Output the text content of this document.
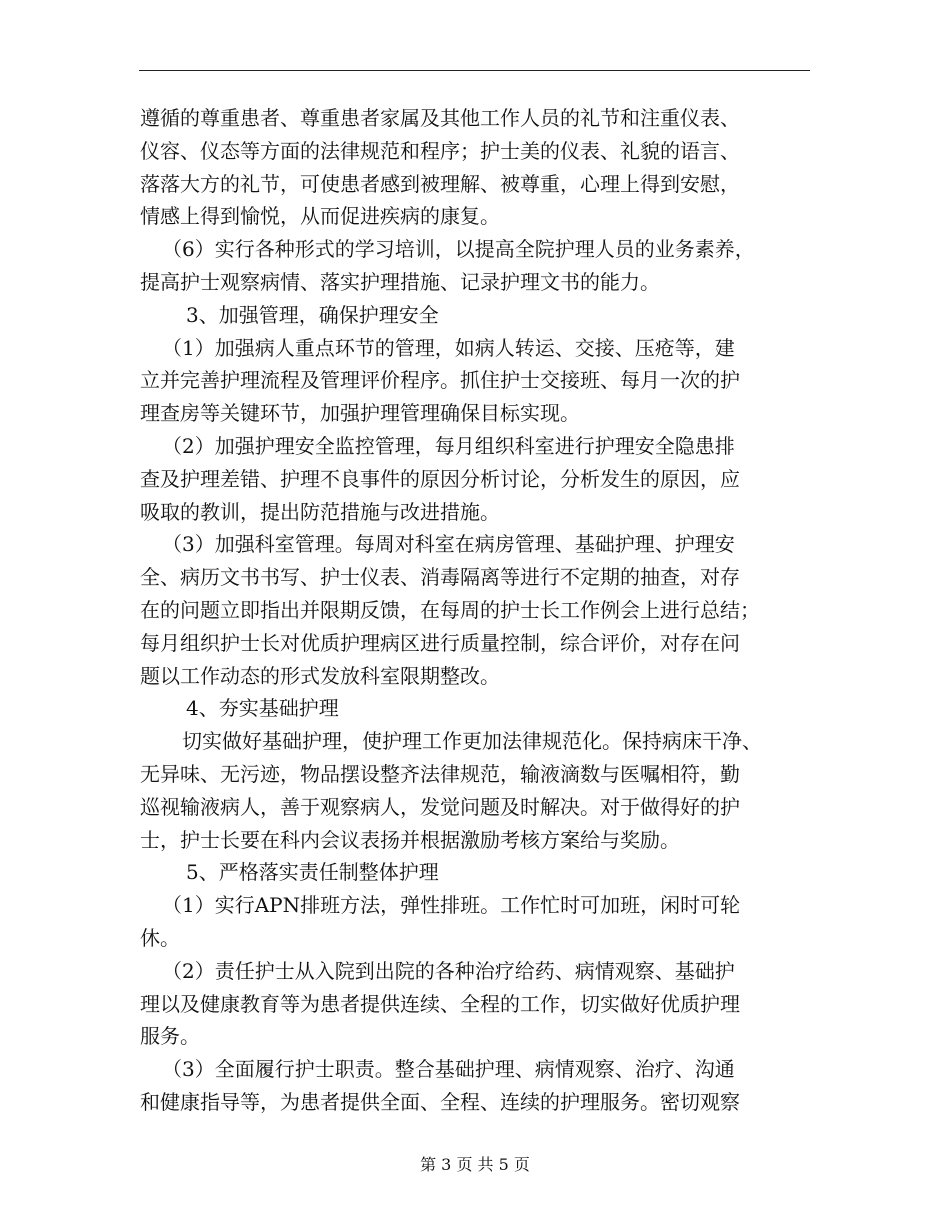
遵循的尊重患者、尊重患者家属及其他工作人员的礼节和注重仪表、
仪容、仪态等方面的法律规范和程序；护士美的仪表、礼貌的语言、
落落大方的礼节，可使患者感到被理解、被尊重，心理上得到安慰，
情感上得到愉悦，从而促进疾病的康复。
（6）实行各种形式的学习培训，以提高全院护理人员的业务素养，
提高护士观察病情、落实护理措施、记录护理文书的能力。
3、加强管理，确保护理安全
（1）加强病人重点环节的管理，如病人转运、交接、压疮等，建
立并完善护理流程及管理评价程序。抓住护士交接班、每月一次的护
理查房等关键环节，加强护理管理确保目标实现。
（2）加强护理安全监控管理，每月组织科室进行护理安全隐患排
查及护理差错、护理不良事件的原因分析讨论，分析发生的原因，应
吸取的教训，提出防范措施与改进措施。
（3）加强科室管理。每周对科室在病房管理、基础护理、护理安
全、病历文书书写、护士仪表、消毒隔离等进行不定期的抽查，对存
在的问题立即指出并限期反馈，在每周的护士长工作例会上进行总结；
每月组织护士长对优质护理病区进行质量控制，综合评价，对存在问
题以工作动态的形式发放科室限期整改。
4、夯实基础护理
切实做好基础护理，使护理工作更加法律规范化。保持病床干净、
无异味、无污迹，物品摆设整齐法律规范，输液滴数与医嘱相符，勤
巡视输液病人，善于观察病人，发觉问题及时解决。对于做得好的护
士，护士长要在科内会议表扬并根据激励考核方案给与奖励。
5、严格落实责任制整体护理
（1）实行APN排班方法，弹性排班。工作忙时可加班，闲时可轮
休。
（2）责任护士从入院到出院的各种治疗给药、病情观察、基础护
理以及健康教育等为患者提供连续、全程的工作，切实做好优质护理
服务。
（3）全面履行护士职责。整合基础护理、病情观察、治疗、沟通
和健康指导等，为患者提供全面、全程、连续的护理服务。密切观察
第 3 页 共 5 页
